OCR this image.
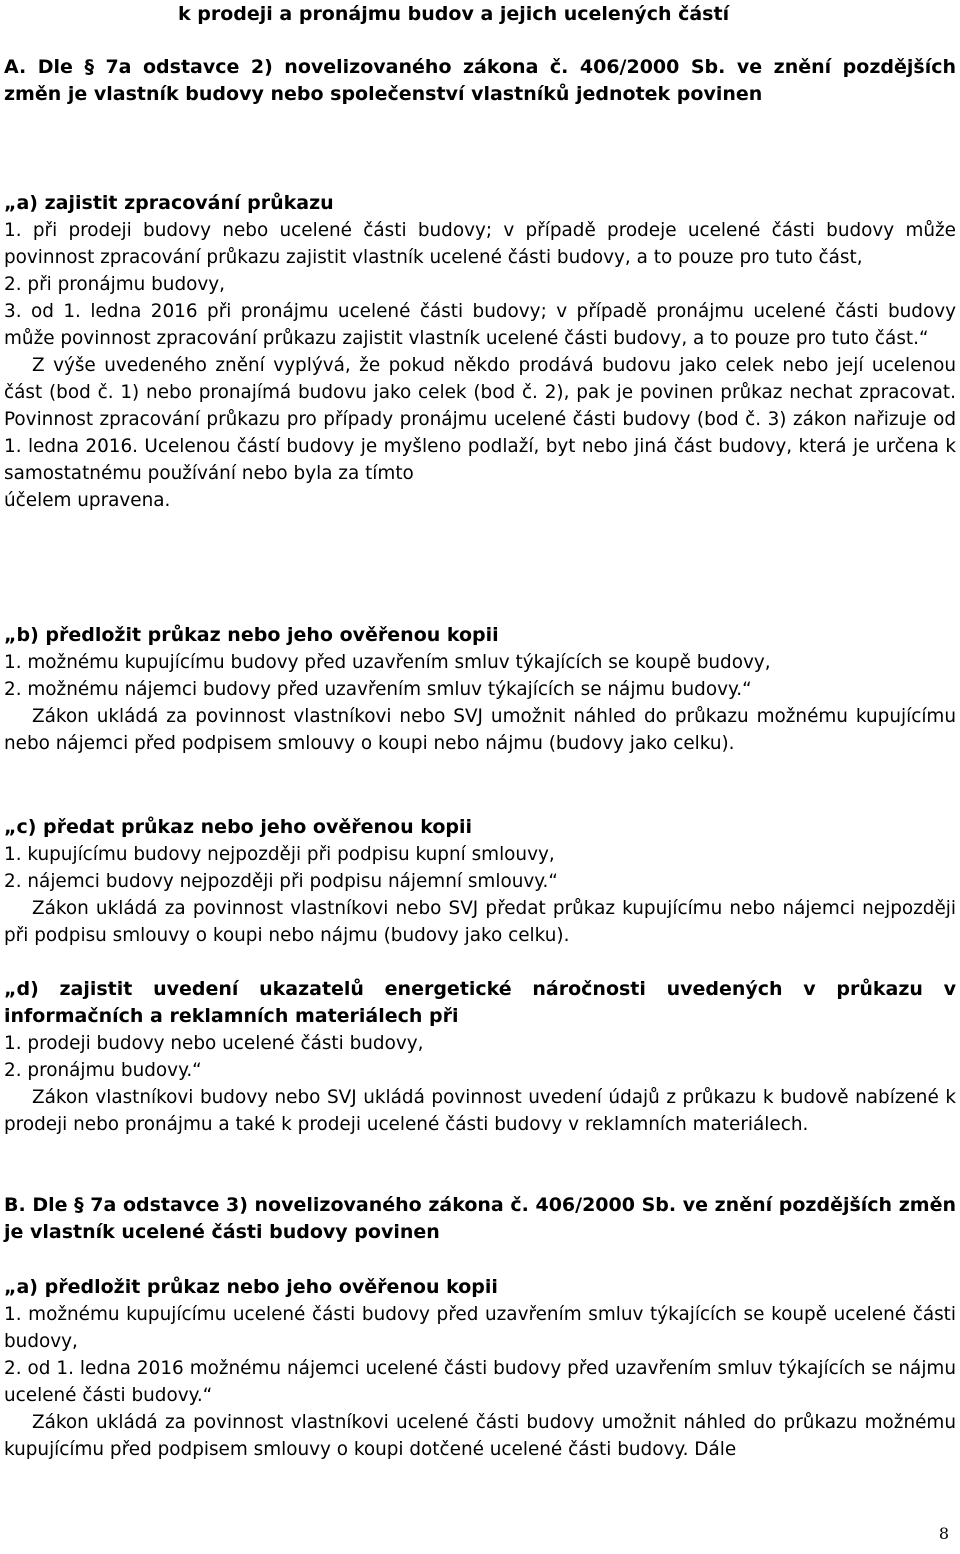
k prodeji a pronájmu budov a jejich ucelených částí

A. Dle § 7a odstavce 2) novelizovaného zákona č. 406/2000 Sb. ve znění pozdějších změn je vlastník budovy nebo společenství vlastníků jednotek povinen

„a) zajistit zpracování průkazu

1. při prodeji budovy nebo ucelené části budovy; v případě prodeje ucelené části budovy může povinnost zpracování průkazu zajistit vlastník ucelené části budovy, a to pouze pro tuto část,

2. při pronájmu budovy,

3. od 1. ledna 2016 při pronájmu ucelené části budovy; v případě pronájmu ucelené části budovy může povinnost zpracování průkazu zajistit vlastník ucelené části budovy, a to pouze pro tuto část.“

Z výše uvedeného znění vyplývá, že pokud někdo prodává budovu jako celek nebo její ucelenou část (bod č. 1) nebo pronajímá budovu jako celek (bod č. 2), pak je povinen průkaz nechat zpracovat. Povinnost zpracování průkazu pro případy pronájmu ucelené části budovy (bod č. 3) zákon nařizuje od 1. ledna 2016. Ucelenou částí budovy je myšleno podlaží, byt nebo jiná část budovy, která je určena k samostatnému používání nebo byla za tímto

účelem upravena.

„b) předložit průkaz nebo jeho ověřenou kopii

1. možnému kupujícímu budovy před uzavřením smluv týkajících se koupě budovy,

2. možnému nájemci budovy před uzavřením smluv týkajících se nájmu budovy.“

Zákon ukládá za povinnost vlastníkovi nebo SVJ umožnit náhled do průkazu možnému kupujícímu nebo nájemci před podpisem smlouvy o koupi nebo nájmu (budovy jako celku).

„c) předat průkaz nebo jeho ověřenou kopii

1. kupujícímu budovy nejpozději při podpisu kupní smlouvy,

2. nájemci budovy nejpozději při podpisu nájemní smlouvy.“

Zákon ukládá za povinnost vlastníkovi nebo SVJ předat průkaz kupujícímu nebo nájemci nejpozději při podpisu smlouvy o koupi nebo nájmu (budovy jako celku).

„d) zajistit uvedení ukazatelů energetické náročnosti uvedených v průkazu v informačních a reklamních materiálech při

1. prodeji budovy nebo ucelené části budovy,

2. pronájmu budovy.“

Zákon vlastníkovi budovy nebo SVJ ukládá povinnost uvedení údajů z průkazu k budově nabízené k prodeji nebo pronájmu a také k prodeji ucelené části budovy v reklamních materiálech.

B. Dle § 7a odstavce 3) novelizovaného zákona č. 406/2000 Sb. ve znění pozdějších změn je vlastník ucelené části budovy povinen

„a) předložit průkaz nebo jeho ověřenou kopii

1. možnému kupujícímu ucelené části budovy před uzavřením smluv týkajících se koupě ucelené části budovy,

2. od 1. ledna 2016 možnému nájemci ucelené části budovy před uzavřením smluv týkajících se nájmu ucelené části budovy.“

Zákon ukládá za povinnost vlastníkovi ucelené části budovy umožnit náhled do průkazu možnému kupujícímu před podpisem smlouvy o koupi dotčené ucelené části budovy. Dále

8
